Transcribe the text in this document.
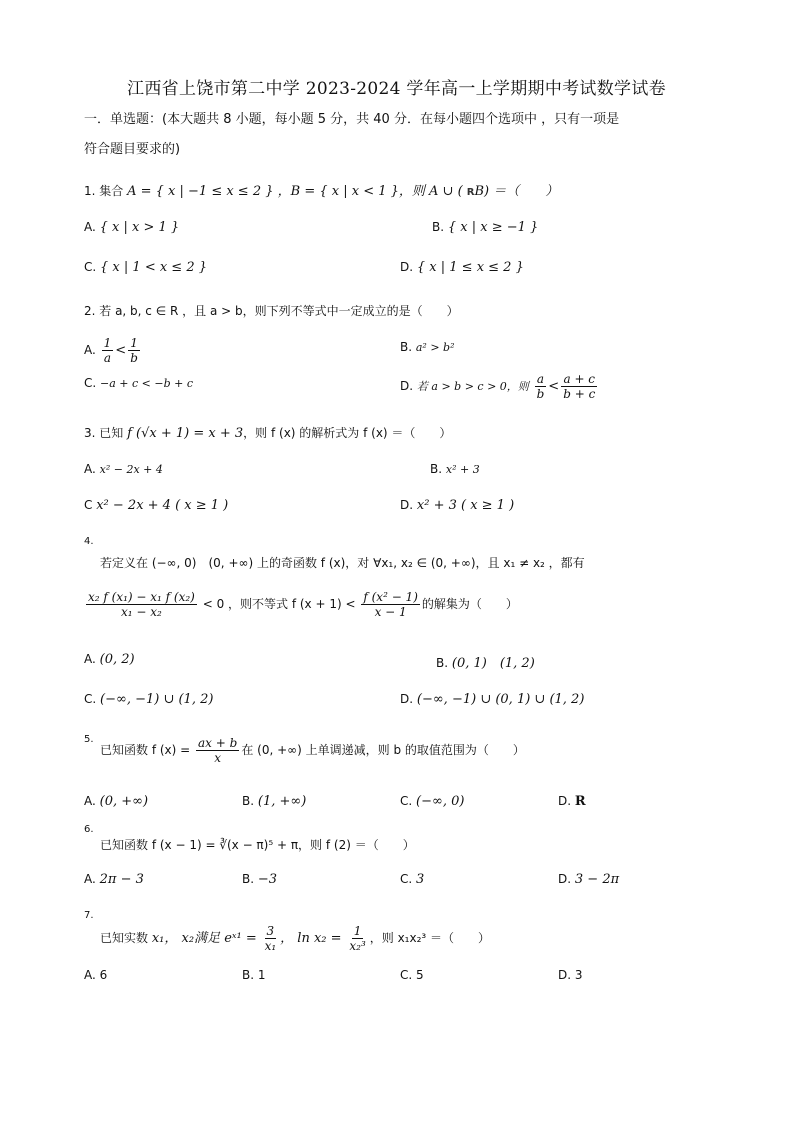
江西省上饶市第二中学 2023-2024 学年高一上学期期中考试数学试卷
一．单选题：(本大题共 8 小题，每小题 5 分，共 40 分．在每小题四个选项中 ，只有一项是
符合题目要求的)
1. 集合 A = { x | −1 ≤ x ≤ 2 } ，B = { x | x < 1 }，则 A ∪ ( RB) ＝（　　）
A. { x | x > 1 }	B. { x | x ≥ −1 }
C. { x | 1 < x ≤ 2 }	D. { x | 1 ≤ x ≤ 2 }
2. 若 a, b, c ∈ R ，且 a > b，则下列不等式中一定成立的是（　　）
A. $\frac{1}{a} < \frac{1}{b}$	B. a² > b²
C. −a + c < −b + c	D. 若 a > b > c > 0，则 $\frac{a}{b} < \frac{a + c}{b + c}$
3. 已知 f (√x + 1) = x + 3，则 f (x) 的解析式为 f (x) ＝（　　）
A. x² − 2x + 4	B. x² + 3
C x² − 2x + 4 ( x ≥ 1 )	D. x² + 3 ( x ≥ 1 )
4.
若定义在 (−∞, 0)　(0, +∞) 上的奇函数 f (x)，对 ∀x₁, x₂ ∈ (0, +∞)，且 x₁ ≠ x₂ ，都有
$\frac{\text{x₂ f (x₁) − x₁ f (x₂)}}{\text{x₁ − x₂}} < 0$ ，则不等式 f $(x + 1) < \frac{\text{f (x² − 1)}}{x - 1}$ 的解集为（　　）
A. (0, 2)	B. (0, 1)　(1, 2)
C. (−∞, −1) ∪ (1, 2)	D. (−∞, −1) ∪ (0, 1) ∪ (1, 2)
5.
已知函数 f $(x) = \frac{ax + b}{x}$ 在 (0, +∞) 上单调递减，则 b 的取值范围为（　　）
A. (0, +∞)	B. (1, +∞)	C. (−∞, 0)	D. R
6.
已知函数 f (x − 1) = ∛(x − π)⁵ + π，则 f (2) ＝（　　）
A. 2π − 3	B. −3	C. 3	D. 3 − 2π
7.
已知实数 x₁， x₂满足 eˣ¹ = $\frac{3}{\text{x₁}}$ ， $\ln x_2 = \frac{1}{\text{x₂³}}$ ，则 x₁x₂³ ＝（　　）
A. 6	B. 1	C. 5	D. 3
